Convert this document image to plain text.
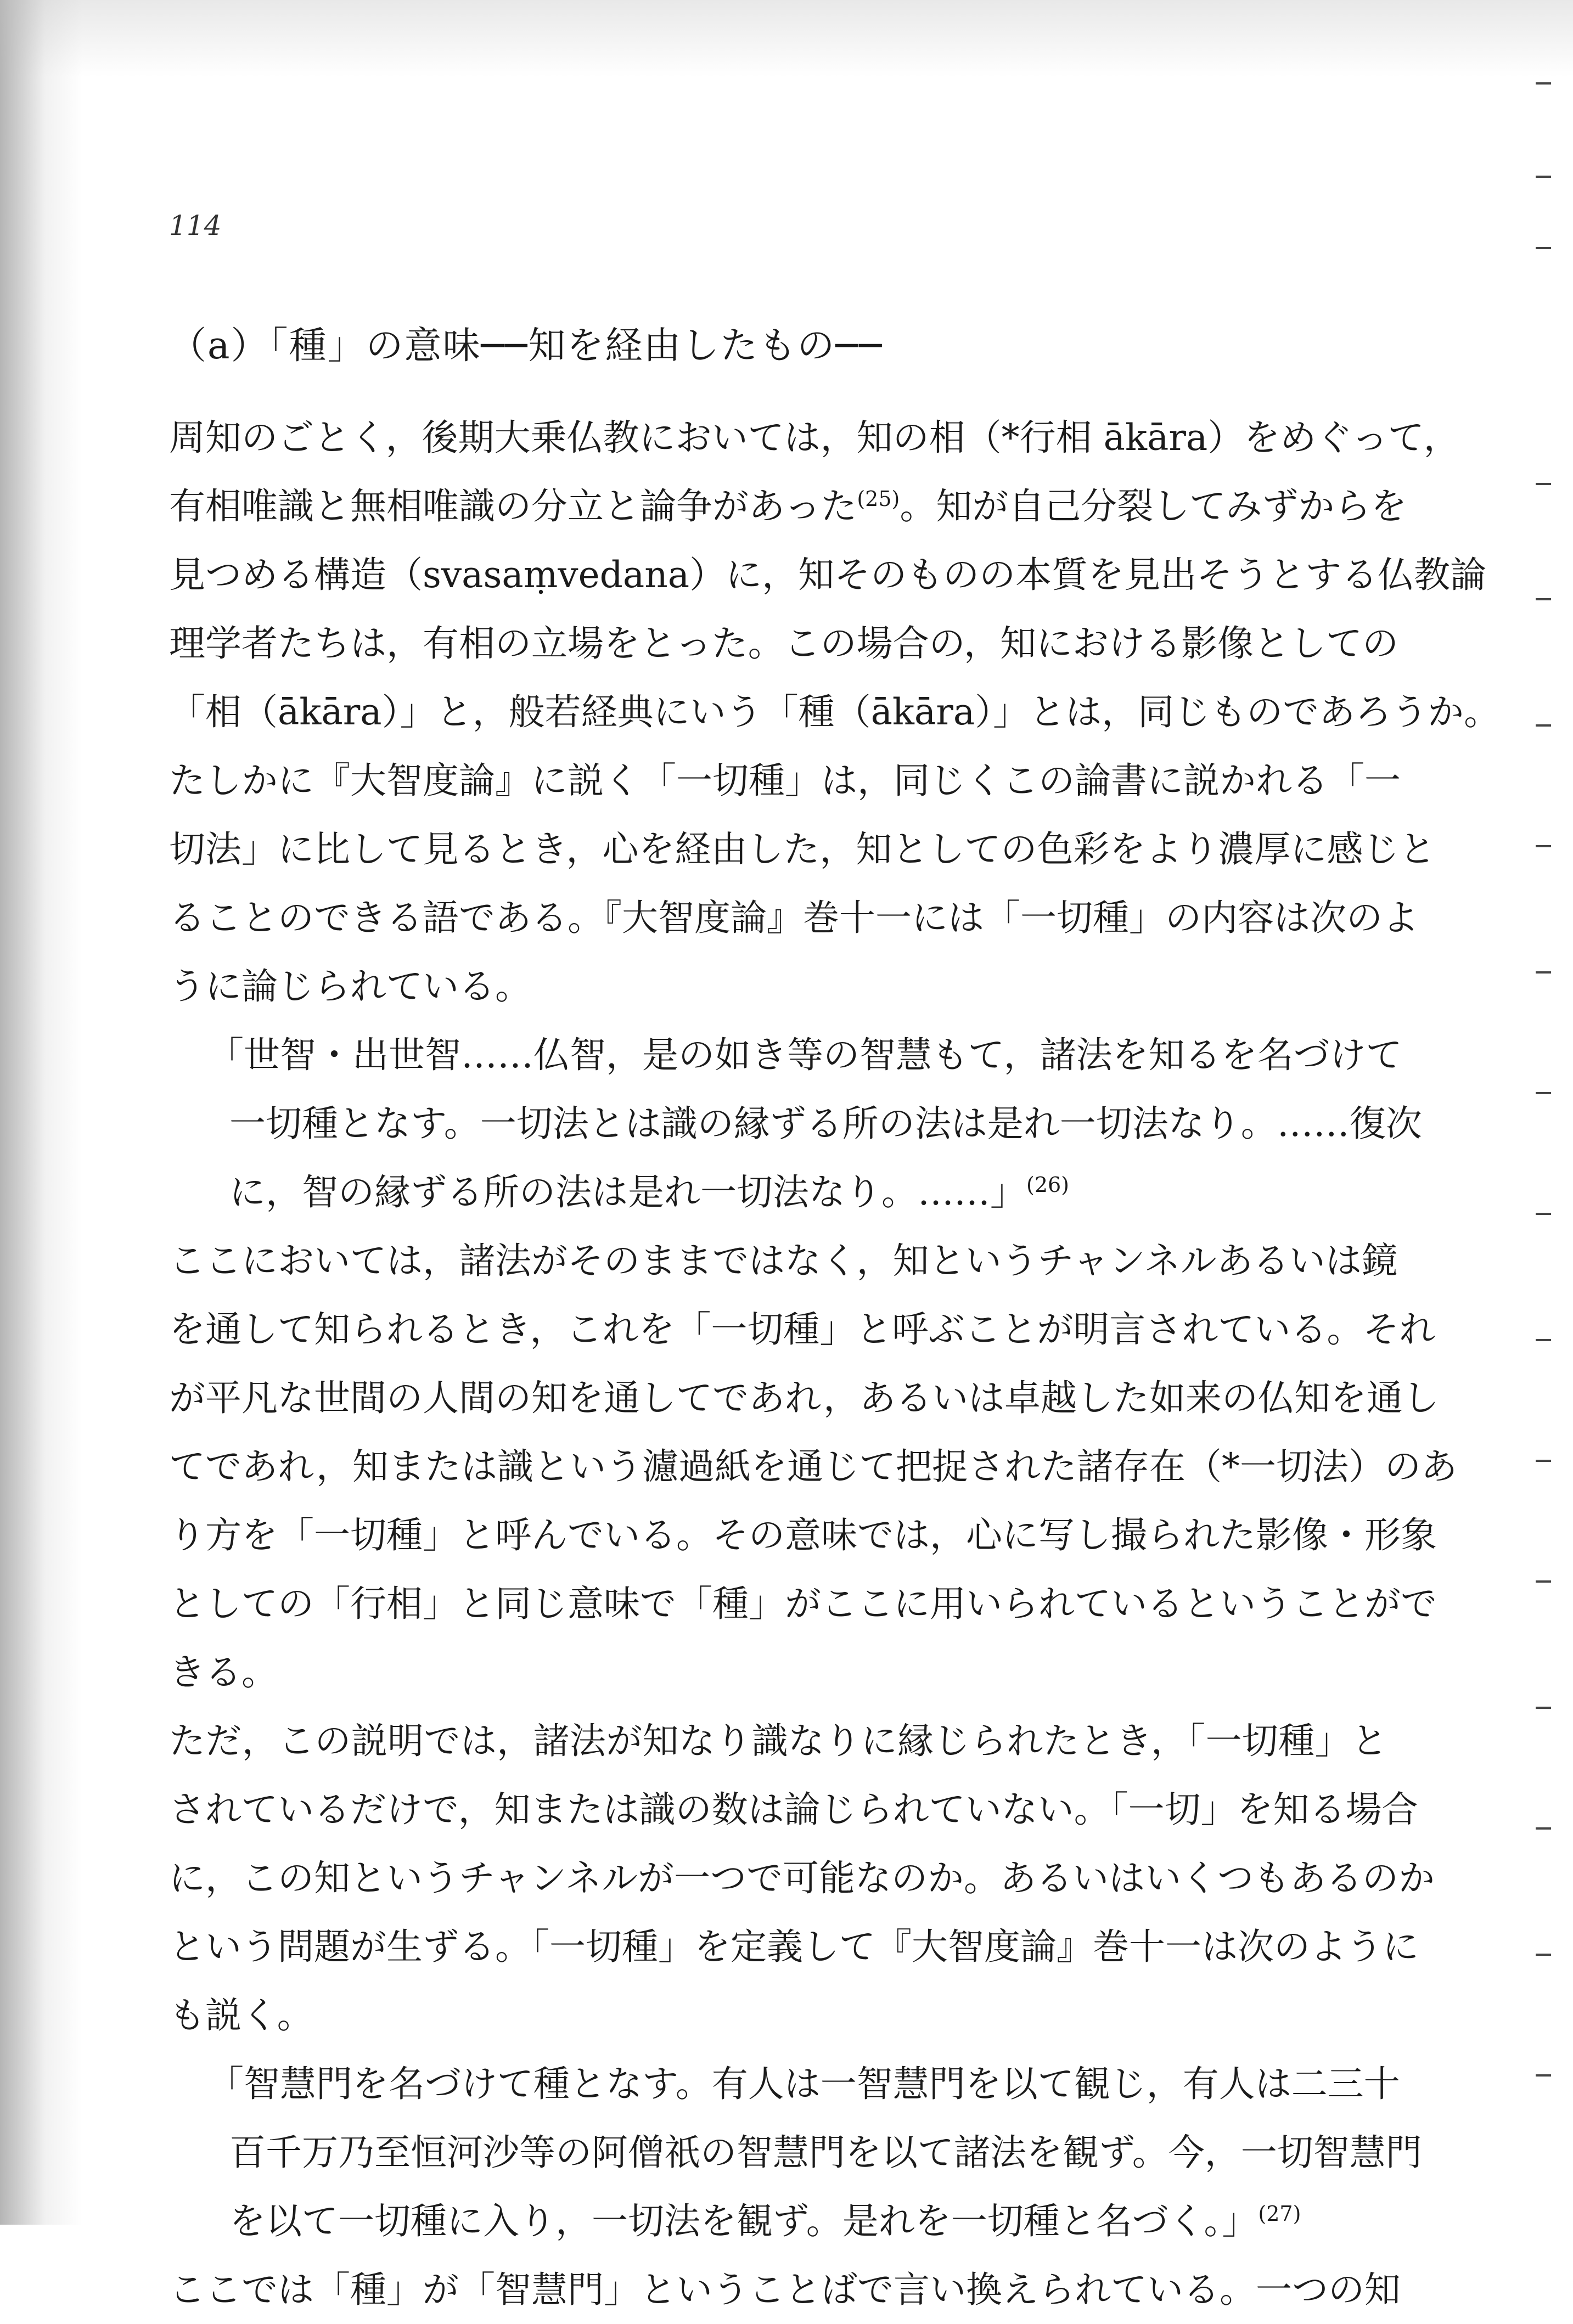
114
（a）「種」の意味──知を経由したもの──
周知のごとく，後期大乗仏教においては，知の相（*行相 ākāra）をめぐって，
有相唯識と無相唯識の分立と論争があった$^{(25)}$。知が自己分裂してみずからを
見つめる構造（svasaṃvedana）に，知そのものの本質を見出そうとする仏教論
理学者たちは，有相の立場をとった。この場合の，知における影像としての
「相（ākāra）」と，般若経典にいう「種（ākāra）」とは，同じものであろうか。
たしかに『大智度論』に説く「一切種」は，同じくこの論書に説かれる「一
切法」に比して見るとき，心を経由した，知としての色彩をより濃厚に感じと
ることのできる語である。『大智度論』巻十一には「一切種」の内容は次のよ
うに論じられている。
「世智・出世智……仏智，是の如き等の智慧もて，諸法を知るを名づけて
一切種となす。一切法とは識の縁ずる所の法は是れ一切法なり。……復次
に，智の縁ずる所の法は是れ一切法なり。……」$^{(26)}$
ここにおいては，諸法がそのままではなく，知というチャンネルあるいは鏡
を通して知られるとき，これを「一切種」と呼ぶことが明言されている。それ
が平凡な世間の人間の知を通してであれ，あるいは卓越した如来の仏知を通し
てであれ，知または識という濾過紙を通じて把捉された諸存在（*一切法）のあ
り方を「一切種」と呼んでいる。その意味では，心に写し撮られた影像・形象
としての「行相」と同じ意味で「種」がここに用いられているということがで
きる。
ただ，この説明では，諸法が知なり識なりに縁じられたとき，「一切種」と
されているだけで，知または識の数は論じられていない。「一切」を知る場合
に，この知というチャンネルが一つで可能なのか。あるいはいくつもあるのか
という問題が生ずる。「一切種」を定義して『大智度論』巻十一は次のように
も説く。
「智慧門を名づけて種となす。有人は一智慧門を以て観じ，有人は二三十
百千万乃至恒河沙等の阿僧祇の智慧門を以て諸法を観ず。今，一切智慧門
を以て一切種に入り，一切法を観ず。是れを一切種と名づく。」$^{(27)}$
ここでは「種」が「智慧門」ということばで言い換えられている。一つの知
